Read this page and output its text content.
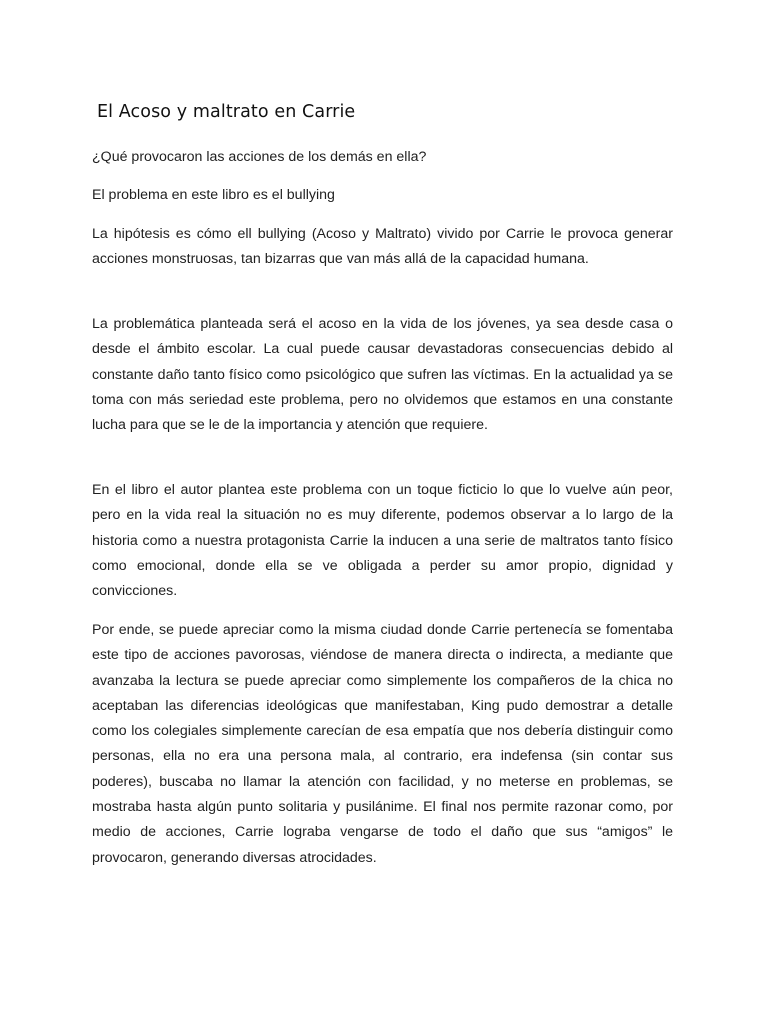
El Acoso y maltrato en Carrie

¿Qué provocaron las acciones de los demás en ella?

El problema en este libro es el bullying

La hipótesis es cómo ell bullying (Acoso y Maltrato) vivido por Carrie le provoca generar acciones monstruosas, tan bizarras que van más allá de la capacidad humana.

La problemática planteada será el acoso en la vida de los jóvenes, ya sea desde casa o desde el ámbito escolar. La cual puede causar devastadoras consecuencias debido al constante daño tanto físico como psicológico que sufren las víctimas. En la actualidad ya se toma con más seriedad este problema, pero no olvidemos que estamos en una constante lucha para que se le de la importancia y atención que requiere.

En el libro el autor plantea este problema con un toque ficticio lo que lo vuelve aún peor, pero en la vida real la situación no es muy diferente, podemos observar a lo largo de la historia como a nuestra protagonista Carrie la inducen a una serie de maltratos tanto físico como emocional, donde ella se ve obligada a perder su amor propio, dignidad y convicciones.

Por ende, se puede apreciar como la misma ciudad donde Carrie pertenecía se fomentaba este tipo de acciones pavorosas, viéndose de manera directa o indirecta, a mediante que avanzaba la lectura se puede apreciar como simplemente los compañeros de la chica no aceptaban las diferencias ideológicas que manifestaban, King pudo demostrar a detalle como los colegiales simplemente carecían de esa empatía que nos debería distinguir como personas, ella no era una persona mala, al contrario, era indefensa (sin contar sus poderes), buscaba no llamar la atención con facilidad, y no meterse en problemas, se mostraba hasta algún punto solitaria y pusilánime. El final nos permite razonar como, por medio de acciones, Carrie lograba vengarse de todo el daño que sus “amigos” le provocaron, generando diversas atrocidades.
